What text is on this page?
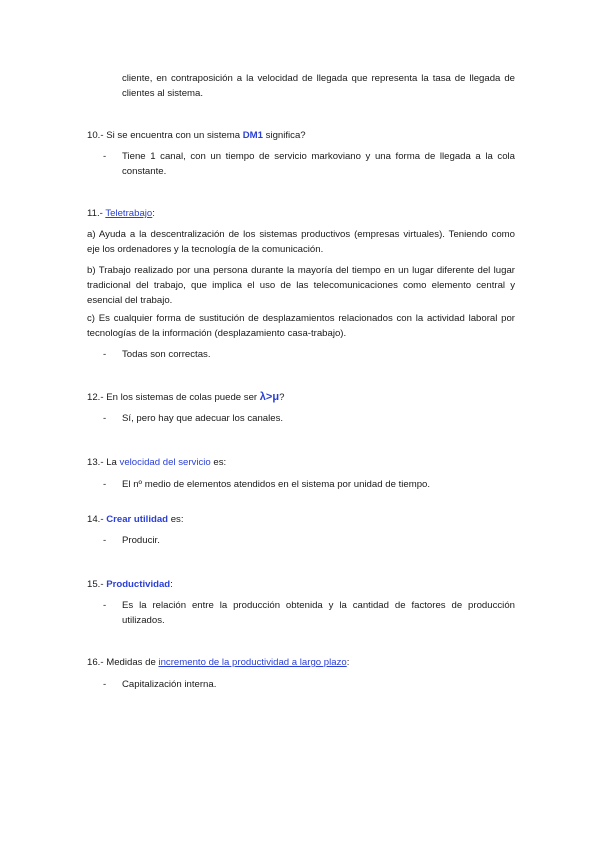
cliente, en contraposición a la velocidad de llegada que representa la tasa de llegada de clientes al sistema.
10.- Si se encuentra con un sistema DM1 significa?
- Tiene 1 canal, con un tiempo de servicio markoviano y una forma de llegada a la cola constante.
11.- Teletrabajo:
a) Ayuda a la descentralización de los sistemas productivos (empresas virtuales). Teniendo como eje los ordenadores y la tecnología de la comunicación.
b) Trabajo realizado por una persona durante la mayoría del tiempo en un lugar diferente del lugar tradicional del trabajo, que implica el uso de las telecomunicaciones como elemento central y esencial del trabajo.
c) Es cualquier forma de sustitución de desplazamientos relacionados con la actividad laboral por tecnologías de la información (desplazamiento casa-trabajo).
- Todas son correctas.
12.- En los sistemas de colas puede ser λ>μ?
- Sí, pero hay que adecuar los canales.
13.- La velocidad del servicio es:
- El nº medio de elementos atendidos en el sistema por unidad de tiempo.
14.- Crear utilidad es:
- Producir.
15.- Productividad:
- Es la relación entre la producción obtenida y la cantidad de factores de producción utilizados.
16.- Medidas de incremento de la productividad a largo plazo:
- Capitalización interna.
